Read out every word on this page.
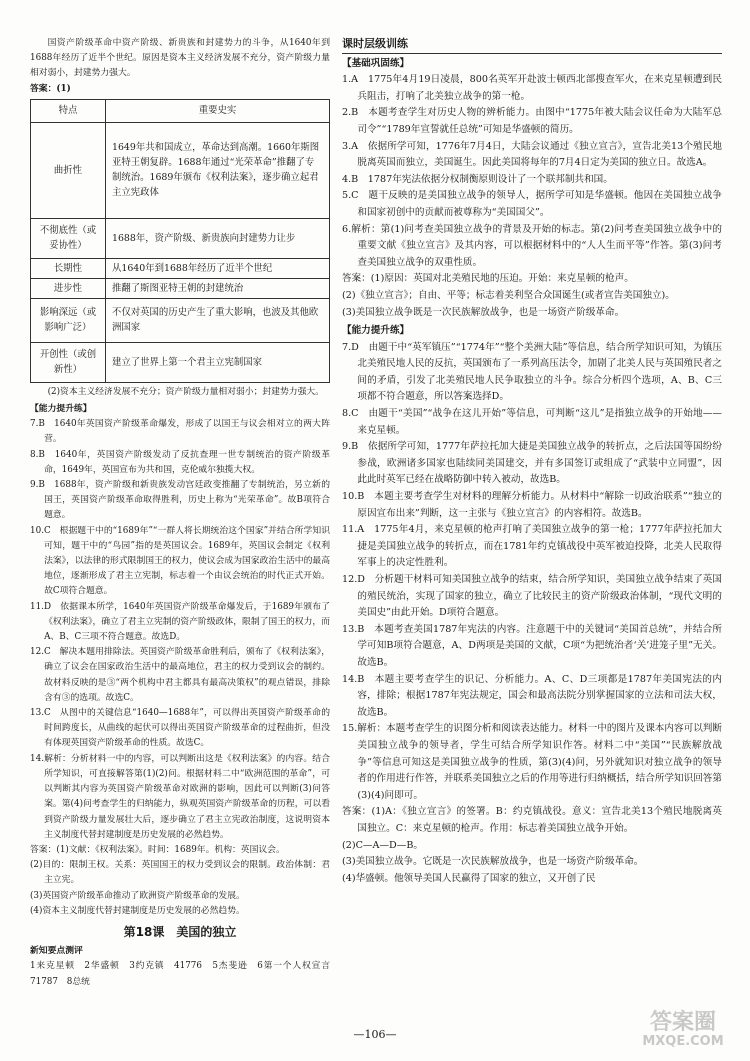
国资产阶级革命中资产阶级、新贵族和封建势力的斗争，从1640年到1688年经历了近半个世纪。原因是资本主义经济发展不充分，资产阶级力量相对弱小，封建势力强大。

答案：(1)

特点	重要史实
曲折性	1649年共和国成立，革命达到高潮。1660年斯图亚特王朝复辟。1688年通过“光荣革命”推翻了专制统治。1689年颁布《权利法案》，逐步确立起君主立宪政体
不彻底性（或妥协性）	1688年，资产阶级、新贵族向封建势力让步
长期性	从1640年到1688年经历了近半个世纪
进步性	推翻了斯图亚特王朝的封建统治
影响深远（或影响广泛）	不仅对英国的历史产生了重大影响，也波及其他欧洲国家
开创性（或创新性）	建立了世界上第一个君主立宪制国家

(2)资本主义经济发展不充分；资产阶级力量相对弱小；封建势力强大。

【能力提升练】

7.B　1640年英国资产阶级革命爆发，形成了以国王与议会相对立的两大阵营。

8.B　1640年，英国资产阶级发动了反抗查理一世专制统治的资产阶级革命，1649年，英国宣布为共和国，克伦威尔独揽大权。

9.B　1688年，资产阶级和新贵族发动宫廷政变推翻了专制统治，另立新的国王，英国资产阶级革命取得胜利，历史上称为“光荣革命”。故B项符合题意。

10.C　根据题干中的“1689年”“一群人将长期统治这个国家”并结合所学知识可知，题干中的“鸟园”指的是英国议会。1689年，英国议会制定《权利法案》，以法律的形式限制国王的权力，使议会成为国家政治生活中的最高地位，逐渐形成了君主立宪制，标志着一个由议会统治的时代正式开始。故C项符合题意。

11.D　依据课本所学，1640年英国资产阶级革命爆发后，于1689年颁布了《权利法案》，确立了君主立宪制的资产阶级政体，限制了国王的权力，而A、B、C三项不符合题意。故选D。

12.C　解决本题用排除法。英国资产阶级革命胜利后，颁布了《权利法案》，确立了议会在国家政治生活中的最高地位，君主的权力受到议会的制约。故材料反映的是③“两个机构中君主都具有最高决策权”的观点错误，排除含有③的选项。故选C。

13.C　从图中的关键信息“1640—1688年”，可以得出英国资产阶级革命的时间跨度长，从曲线的起伏可以得出英国资产阶级革命的过程曲折，但没有体现英国资产阶级革命的性质。故选C。

14.解析：分析材料一中的内容，可以判断出这是《权利法案》的内容。结合所学知识，可直接解答第(1)(2)问。根据材料二中“欧洲范围的革命”，可以判断其内容为英国资产阶级革命对欧洲的影响，因此可以判断(3)问答案。第(4)问考查学生的归纳能力，纵观英国资产阶级革命的历程，可以看到资产阶级力量发展壮大后，逐步确立了君主立宪政治制度，这说明资本主义制度代替封建制度是历史发展的必然趋势。

答案：(1)文献：《权利法案》。时间：1689年。机构：英国议会。

(2)目的：限制王权。关系：英国国王的权力受到议会的限制。政治体制：君主立宪。

(3)英国资产阶级革命推动了欧洲资产阶级革命的发展。

(4)资本主义制度代替封建制度是历史发展的必然趋势。

第18课　美国的独立

新知要点测评

1来克星顿　2华盛顿　3约克镇　41776　5杰斐逊　6第一个人权宣言　71787　8总统

课时层级训练

【基础巩固练】

1.A　1775年4月19日凌晨，800名英军开赴波士顿西北部搜查军火，在来克星顿遭到民兵阻击，打响了北美独立战争的第一枪。

2.B　本题考查学生对历史人物的辨析能力。由图中“1775年被大陆会议任命为大陆军总司令”“1789年宣誓就任总统”可知是华盛顿的简历。

3.A　依据所学可知，1776年7月4日，大陆会议通过《独立宣言》，宣告北美13个殖民地脱离英国而独立，美国诞生。因此美国将每年的7月4日定为美国的独立日。故选A。

4.B　1787年宪法依据分权制衡原则设计了一个联邦制共和国。

5.C　题干反映的是美国独立战争的领导人，据所学可知是华盛顿。他因在美国独立战争和国家初创中的贡献而被尊称为“美国国父”。

6.解析：第(1)问考查美国独立战争的背景及开始的标志。第(2)问考查美国独立战争中的重要文献《独立宣言》及其内容，可以根据材料中的“人人生而平等”作答。第(3)问考查美国独立战争的双重性质。

答案：(1)原因：英国对北美殖民地的压迫。开始：来克星顿的枪声。

(2)《独立宣言》；自由、平等；标志着美利坚合众国诞生(或者宣告美国独立)。

(3)美国独立战争既是一次民族解放战争，也是一场资产阶级革命。

【能力提升练】

7.D　由题干中“英军镇压”“1774年”“整个美洲大陆”等信息，结合所学知识可知，为镇压北美殖民地人民的反抗，英国颁布了一系列高压法令，加剧了北美人民与英国殖民者之间的矛盾，引发了北美殖民地人民争取独立的斗争。综合分析四个选项，A、B、C三项都不符合题意，所以答案选择D。

8.C　由题干“美国”“战争在这儿开始”等信息，可判断“这儿”是指独立战争的开始地——来克星顿。

9.B　依据所学可知，1777年萨拉托加大捷是美国独立战争的转折点，之后法国等国纷纷参战，欧洲诸多国家也陆续同美国建交，并有多国签订或组成了“武装中立同盟”，因此此时英军已经在战略防御中转入被动，故选B。

10.B　本题主要考查学生对材料的理解分析能力。从材料中“解除一切政治联系”“独立的原因宣布出来”判断，这一主张与《独立宣言》的内容相符。故选B。

11.A　1775年4月，来克星顿的枪声打响了美国独立战争的第一枪；1777年萨拉托加大捷是美国独立战争的转折点，而在1781年约克镇战役中英军被迫投降，北美人民取得军事上的决定性胜利。

12.D　分析题干材料可知美国独立战争的结束，结合所学知识，美国独立战争结束了英国的殖民统治，实现了国家的独立，确立了比较民主的资产阶级政治体制，“现代文明的美国史”由此开始。D项符合题意。

13.B　本题考查美国1787年宪法的内容。注意题干中的关键词“美国首总统”，并结合所学可知B项符合题意，A、D两项是美国的文献，C项“为把统治者‘关’进笼子里”无关。故选B。

14.B　本题主要考查学生的识记、分析能力。A、C、D三项都是1787年美国宪法的内容，排除；根据1787年宪法规定，国会和最高法院分别掌握国家的立法和司法大权，故选B。

15.解析：本题考查学生的识图分析和阅读表达能力。材料一中的图片及课本内容可以判断美国独立战争的领导者，学生可结合所学知识作答。材料二中“美国”“民族解放战争”等信息可知这是美国独立战争的性质，第(3)(4)问，另外就知识对独立战争的领导者的作用进行作答，并联系美国独立之后的作用等进行归纳概括，结合所学知识回答第(3)(4)问即可。

答案：(1)A：《独立宣言》的签署。B：约克镇战役。意义：宣告北美13个殖民地脱离英国独立。C：来克星顿的枪声。作用：标志着美国独立战争开始。

(2)C—A—D—B。

(3)美国独立战争。它既是一次民族解放战争，也是一场资产阶级革命。

(4)华盛顿。他领导美国人民赢得了国家的独立，又开创了民

—106—	答案圈
MXQE.COM
